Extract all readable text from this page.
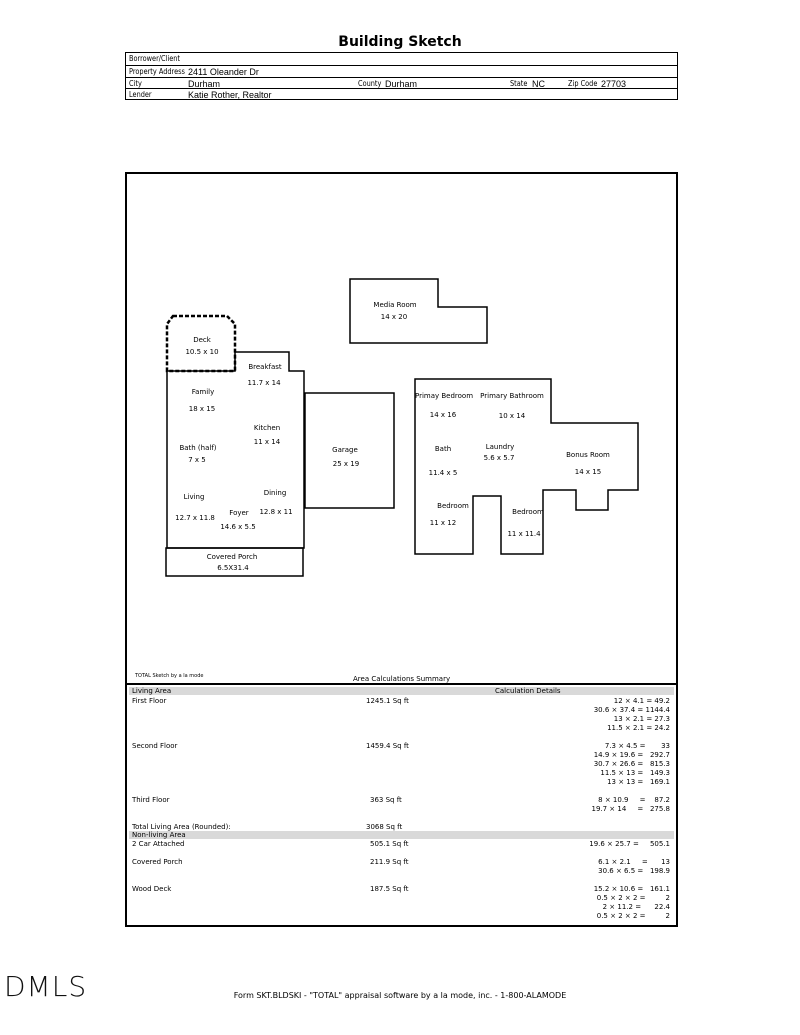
Building Sketch
Borrower/Client
Property Address 2411 Oleander Dr
City	Durham	County Durham	State NC	Zip Code 27703
Lender	Katie Rother, Realtor
Media Room
14 x 20
Deck
10.5 x 10
Breakfast
11.7 x 14
Family
18 x 15
Kitchen
11 x 14
Bath (half)
7 x 5
Garage
25 x 19
Dining
12.8 x 11
Living
12.7 x 11.8
Foyer
14.6 x 5.5
Covered Porch
6.5X31.4
Primay Bedroom
14 x 16
Primary Bathroom
10 x 14
Bath
11.4 x 5
Laundry
5.6 x 5.7	Bonus Room
14 x 15
Bedroom
11 x 12
Bedroom
11 x 11.4
TOTAL Sketch by a la mode	Area Calculations Summary
Living Area	Calculation Details
First Floor	1245.1 Sq ft	12 × 4.1 = 49.2
30.6 × 37.4 = 1144.4
13 × 2.1 = 27.3
11.5 × 2.1 = 24.2
Second Floor	1459.4 Sq ft	7.3 × 4.5 =       33
14.9 × 19.6 =   292.7
30.7 × 26.6 =   815.3
11.5 × 13 =   149.3
13 × 13 =   169.1
Third Floor	363 Sq ft	8 × 10.9     =    87.2
19.7 × 14     =   275.8
Total Living Area (Rounded):	3068 Sq ft
Non-living Area
2 Car Attached	505.1 Sq ft	19.6 × 25.7 =     505.1
Covered Porch	211.9 Sq ft	6.1 × 2.1     =      13
30.6 × 6.5 =   198.9
Wood Deck	187.5 Sq ft	15.2 × 10.6 =   161.1
0.5 × 2 × 2 =         2
2 × 11.2 =      22.4
0.5 × 2 × 2 =         2
DMLS	Form SKT.BLDSKI - "TOTAL" appraisal software by a la mode, inc. - 1-800-ALAMODE
